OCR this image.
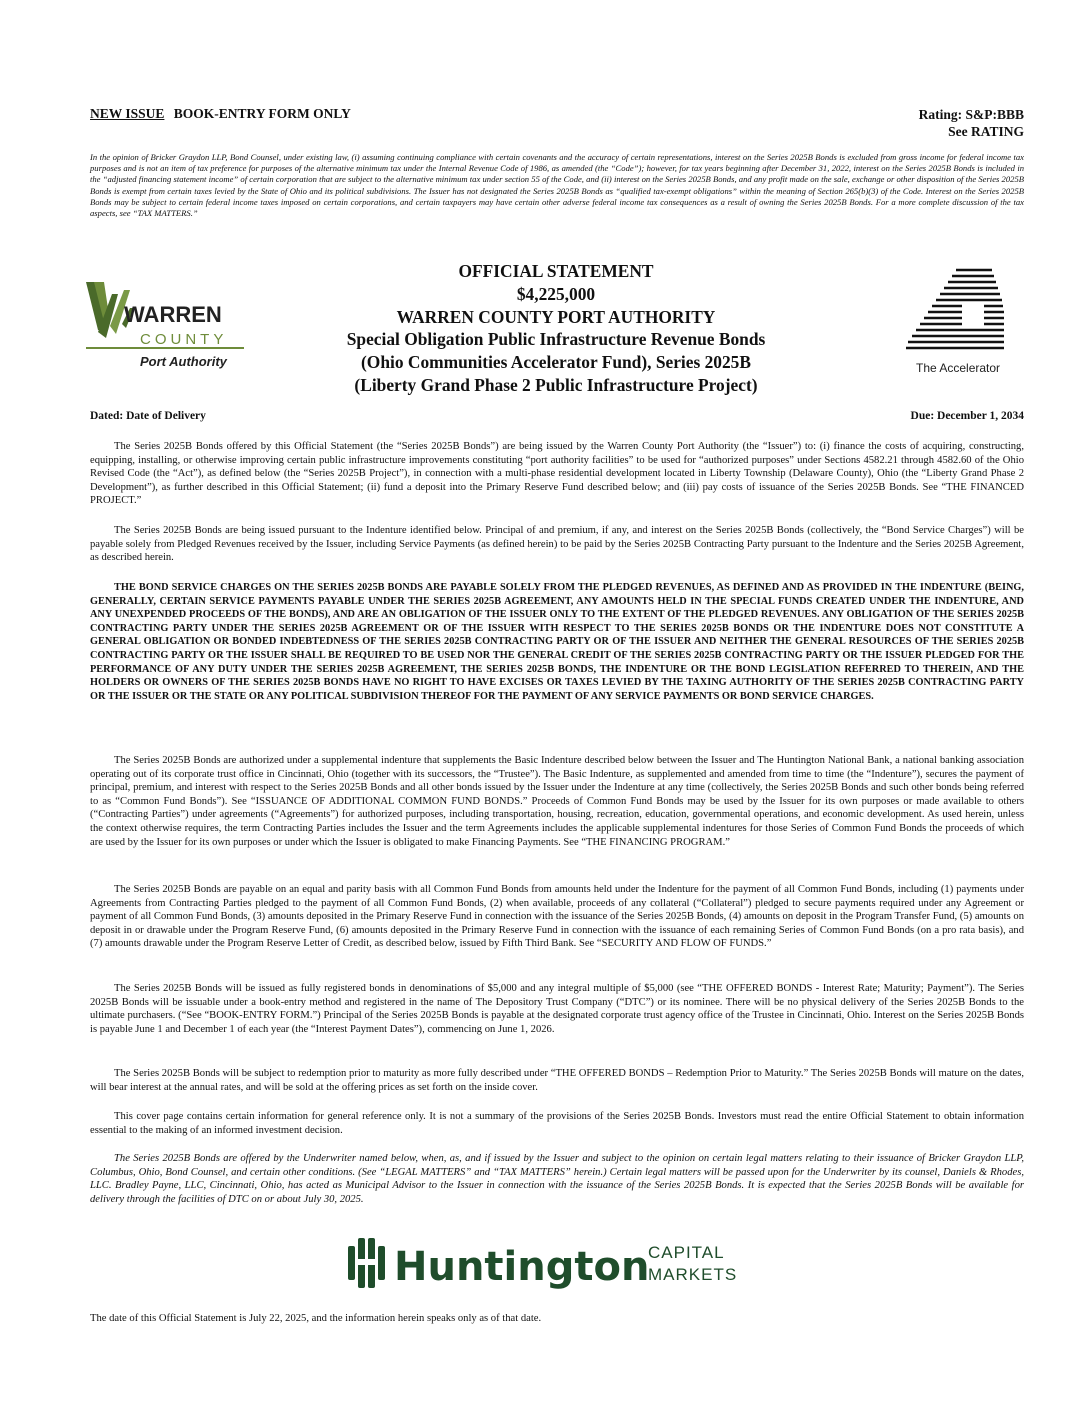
NEW ISSUE BOOK-ENTRY FORM ONLY	Rating: S&P:BBB
See RATING
In the opinion of Bricker Graydon LLP, Bond Counsel, under existing law, (i) assuming continuing compliance with certain covenants and the accuracy of certain representations, interest on the Series 2025B Bonds is excluded from gross income for federal income tax purposes and is not an item of tax preference for purposes of the alternative minimum tax under the Internal Revenue Code of 1986, as amended (the “Code”); however, for tax years beginning after December 31, 2022, interest on the Series 2025B Bonds is included in the “adjusted financing statement income” of certain corporation that are subject to the alternative minimum tax under section 55 of the Code, and (ii) interest on the Series 2025B Bonds, and any profit made on the sale, exchange or other disposition of the Series 2025B Bonds is exempt from certain taxes levied by the State of Ohio and its political subdivisions. The Issuer has not designated the Series 2025B Bonds as “qualified tax-exempt obligations” within the meaning of Section 265(b)(3) of the Code. Interest on the Series 2025B Bonds may be subject to certain federal income taxes imposed on certain corporations, and certain taxpayers may have certain other adverse federal income tax consequences as a result of owning the Series 2025B Bonds. For a more complete discussion of the tax aspects, see “TAX MATTERS.”
WARREN
COUNTY
Port Authority
OFFICIAL STATEMENT
$4,225,000
WARREN COUNTY PORT AUTHORITY
Special Obligation Public Infrastructure Revenue Bonds
(Ohio Communities Accelerator Fund), Series 2025B
(Liberty Grand Phase 2 Public Infrastructure Project)
The Accelerator
Dated: Date of Delivery	Due: December 1, 2034

The Series 2025B Bonds offered by this Official Statement (the “Series 2025B Bonds”) are being issued by the Warren County Port Authority (the “Issuer”) to: (i) finance the costs of acquiring, constructing, equipping, installing, or otherwise improving certain public infrastructure improvements constituting “port authority facilities” to be used for “authorized purposes” under Sections 4582.21 through 4582.60 of the Ohio Revised Code (the “Act”), as defined below (the “Series 2025B Project”), in connection with a multi-phase residential development located in Liberty Township (Delaware County), Ohio (the “Liberty Grand Phase 2 Development”), as further described in this Official Statement; (ii) fund a deposit into the Primary Reserve Fund described below; and (iii) pay costs of issuance of the Series 2025B Bonds. See “THE FINANCED PROJECT.”

The Series 2025B Bonds are being issued pursuant to the Indenture identified below. Principal of and premium, if any, and interest on the Series 2025B Bonds (collectively, the “Bond Service Charges”) will be payable solely from Pledged Revenues received by the Issuer, including Service Payments (as defined herein) to be paid by the Series 2025B Contracting Party pursuant to the Indenture and the Series 2025B Agreement, as described herein.

THE BOND SERVICE CHARGES ON THE SERIES 2025B BONDS ARE PAYABLE SOLELY FROM THE PLEDGED REVENUES, AS DEFINED AND AS PROVIDED IN THE INDENTURE (BEING, GENERALLY, CERTAIN SERVICE PAYMENTS PAYABLE UNDER THE SERIES 2025B AGREEMENT, ANY AMOUNTS HELD IN THE SPECIAL FUNDS CREATED UNDER THE INDENTURE, AND ANY UNEXPENDED PROCEEDS OF THE BONDS), AND ARE AN OBLIGATION OF THE ISSUER ONLY TO THE EXTENT OF THE PLEDGED REVENUES. ANY OBLIGATION OF THE SERIES 2025B CONTRACTING PARTY UNDER THE SERIES 2025B AGREEMENT OR OF THE ISSUER WITH RESPECT TO THE SERIES 2025B BONDS OR THE INDENTURE DOES NOT CONSTITUTE A GENERAL OBLIGATION OR BONDED INDEBTEDNESS OF THE SERIES 2025B CONTRACTING PARTY OR OF THE ISSUER AND NEITHER THE GENERAL RESOURCES OF THE SERIES 2025B CONTRACTING PARTY OR THE ISSUER SHALL BE REQUIRED TO BE USED NOR THE GENERAL CREDIT OF THE SERIES 2025B CONTRACTING PARTY OR THE ISSUER PLEDGED FOR THE PERFORMANCE OF ANY DUTY UNDER THE SERIES 2025B AGREEMENT, THE SERIES 2025B BONDS, THE INDENTURE OR THE BOND LEGISLATION REFERRED TO THEREIN, AND THE HOLDERS OR OWNERS OF THE SERIES 2025B BONDS HAVE NO RIGHT TO HAVE EXCISES OR TAXES LEVIED BY THE TAXING AUTHORITY OF THE SERIES 2025B CONTRACTING PARTY OR THE ISSUER OR THE STATE OR ANY POLITICAL SUBDIVISION THEREOF FOR THE PAYMENT OF ANY SERVICE PAYMENTS OR BOND SERVICE CHARGES.

The Series 2025B Bonds are authorized under a supplemental indenture that supplements the Basic Indenture described below between the Issuer and The Huntington National Bank, a national banking association operating out of its corporate trust office in Cincinnati, Ohio (together with its successors, the “Trustee”). The Basic Indenture, as supplemented and amended from time to time (the “Indenture”), secures the payment of principal, premium, and interest with respect to the Series 2025B Bonds and all other bonds issued by the Issuer under the Indenture at any time (collectively, the Series 2025B Bonds and such other bonds being referred to as “Common Fund Bonds”). See “ISSUANCE OF ADDITIONAL COMMON FUND BONDS.” Proceeds of Common Fund Bonds may be used by the Issuer for its own purposes or made available to others (“Contracting Parties”) under agreements (“Agreements”) for authorized purposes, including transportation, housing, recreation, education, governmental operations, and economic development. As used herein, unless the context otherwise requires, the term Contracting Parties includes the Issuer and the term Agreements includes the applicable supplemental indentures for those Series of Common Fund Bonds the proceeds of which are used by the Issuer for its own purposes or under which the Issuer is obligated to make Financing Payments. See “THE FINANCING PROGRAM.”

The Series 2025B Bonds are payable on an equal and parity basis with all Common Fund Bonds from amounts held under the Indenture for the payment of all Common Fund Bonds, including (1) payments under Agreements from Contracting Parties pledged to the payment of all Common Fund Bonds, (2) when available, proceeds of any collateral (“Collateral”) pledged to secure payments required under any Agreement or payment of all Common Fund Bonds, (3) amounts deposited in the Primary Reserve Fund in connection with the issuance of the Series 2025B Bonds, (4) amounts on deposit in the Program Transfer Fund, (5) amounts on deposit in or drawable under the Program Reserve Fund, (6) amounts deposited in the Primary Reserve Fund in connection with the issuance of each remaining Series of Common Fund Bonds (on a pro rata basis), and (7) amounts drawable under the Program Reserve Letter of Credit, as described below, issued by Fifth Third Bank. See “SECURITY AND FLOW OF FUNDS.”

The Series 2025B Bonds will be issued as fully registered bonds in denominations of $5,000 and any integral multiple of $5,000 (see “THE OFFERED BONDS - Interest Rate; Maturity; Payment”). The Series 2025B Bonds will be issuable under a book-entry method and registered in the name of The Depository Trust Company (“DTC”) or its nominee. There will be no physical delivery of the Series 2025B Bonds to the ultimate purchasers. (“See “BOOK-ENTRY FORM.”) Principal of the Series 2025B Bonds is payable at the designated corporate trust agency office of the Trustee in Cincinnati, Ohio. Interest on the Series 2025B Bonds is payable June 1 and December 1 of each year (the “Interest Payment Dates”), commencing on June 1, 2026.

The Series 2025B Bonds will be subject to redemption prior to maturity as more fully described under “THE OFFERED BONDS – Redemption Prior to Maturity.” The Series 2025B Bonds will mature on the dates, will bear interest at the annual rates, and will be sold at the offering prices as set forth on the inside cover.

This cover page contains certain information for general reference only. It is not a summary of the provisions of the Series 2025B Bonds. Investors must read the entire Official Statement to obtain information essential to the making of an informed investment decision.

The Series 2025B Bonds are offered by the Underwriter named below, when, as, and if issued by the Issuer and subject to the opinion on certain legal matters relating to their issuance of Bricker Graydon LLP, Columbus, Ohio, Bond Counsel, and certain other conditions. (See “LEGAL MATTERS” and “TAX MATTERS” herein.) Certain legal matters will be passed upon for the Underwriter by its counsel, Daniels & Rhodes, LLC. Bradley Payne, LLC, Cincinnati, Ohio, has acted as Municipal Advisor to the Issuer in connection with the issuance of the Series 2025B Bonds. It is expected that the Series 2025B Bonds will be available for delivery through the facilities of DTC on or about July 30, 2025.

Huntington
CAPITAL
MARKETS
The date of this Official Statement is July 22, 2025, and the information herein speaks only as of that date.
